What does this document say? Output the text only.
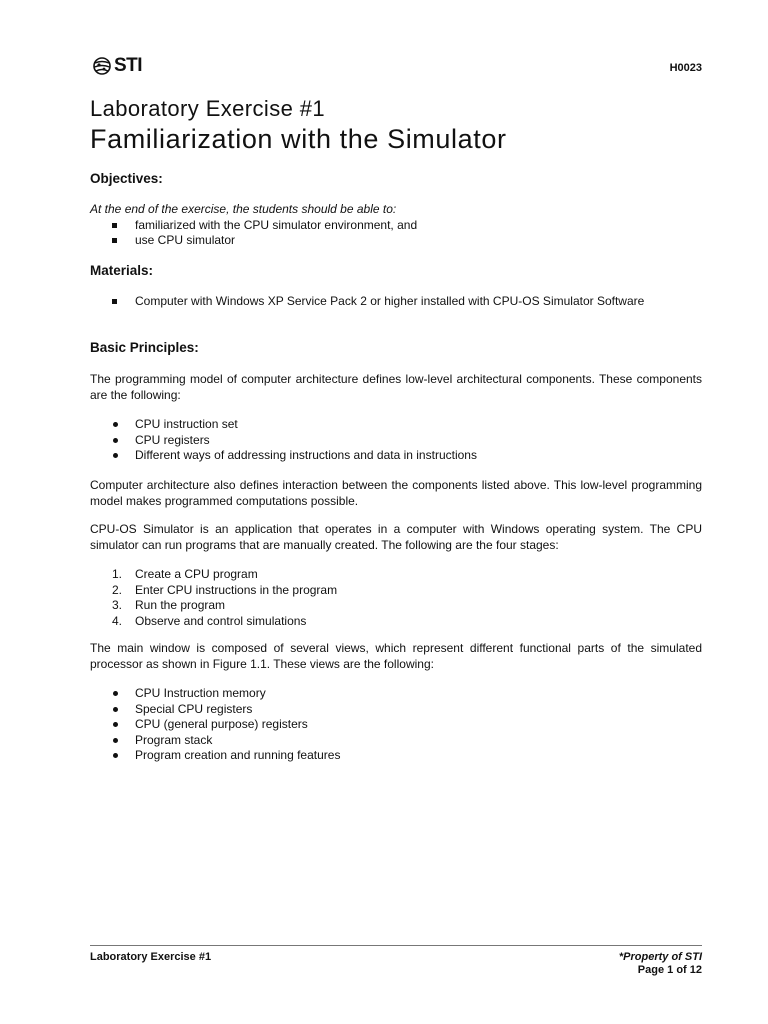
STI	H0023
Laboratory Exercise #1
Familiarization with the Simulator

Objectives:

At the end of the exercise, the students should be able to:

familiarized with the CPU simulator environment, and
use CPU simulator

Materials:

Computer with Windows XP Service Pack 2 or higher installed with CPU-OS Simulator Software

Basic Principles:

The programming model of computer architecture defines low-level architectural components. These components are the following:

CPU instruction set
CPU registers
Different ways of addressing instructions and data in instructions

Computer architecture also defines interaction between the components listed above. This low-level programming model makes programmed computations possible.

CPU-OS Simulator is an application that operates in a computer with Windows operating system. The CPU simulator can run programs that are manually created. The following are the four stages:

1. Create a CPU program
2. Enter CPU instructions in the program
3. Run the program
4. Observe and control simulations

The main window is composed of several views, which represent different functional parts of the simulated processor as shown in Figure 1.1. These views are the following:

CPU Instruction memory
Special CPU registers
CPU (general purpose) registers
Program stack
Program creation and running features
Laboratory Exercise #1	*Property of STI
Page 1 of 12
